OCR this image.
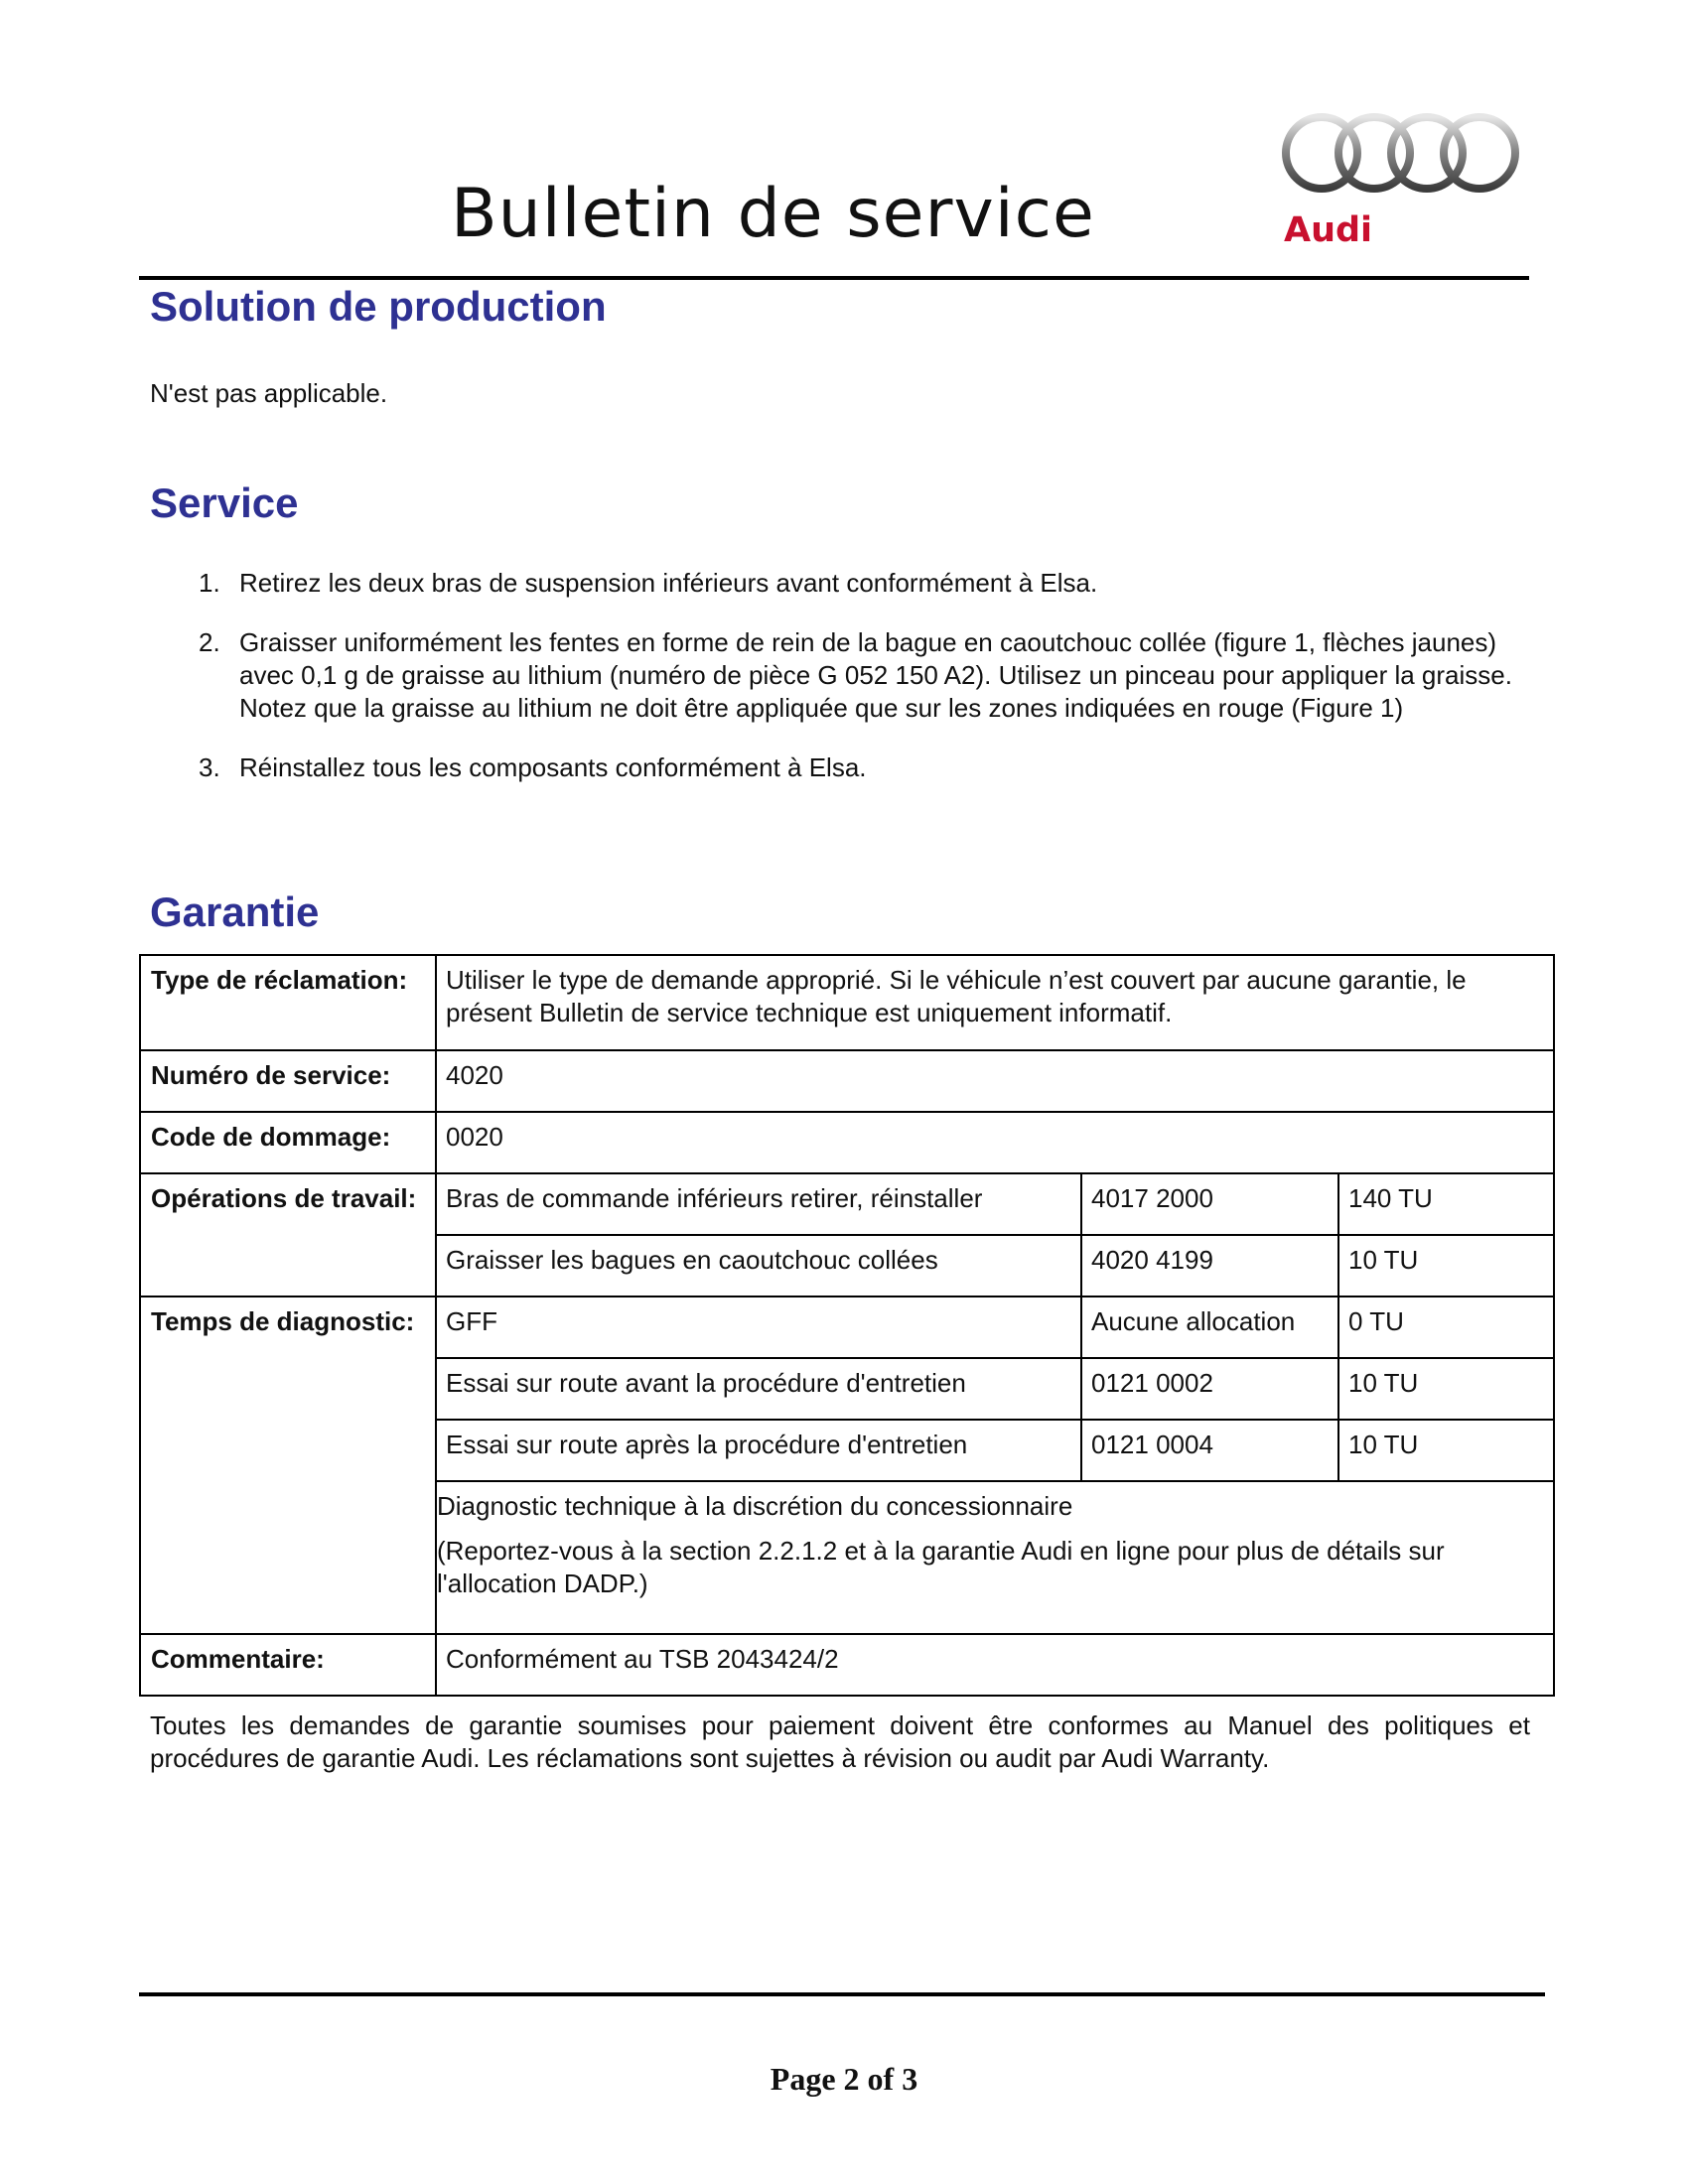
Bulletin de service	Audi
Solution de production

N'est pas applicable.

Service
1. Retirez les deux bras de suspension inférieurs avant conformément à Elsa.
2. Graisser uniformément les fentes en forme de rein de la bague en caoutchouc collée (figure 1, flèches jaunes) avec 0,1 g de graisse au lithium (numéro de pièce G 052 150 A2). Utilisez un pinceau pour appliquer la graisse. Notez que la graisse au lithium ne doit être appliquée que sur les zones indiquées en rouge (Figure 1)
3. Réinstallez tous les composants conformément à Elsa.
Garantie
Type de réclamation:	Utiliser le type de demande approprié. Si le véhicule n’est couvert par aucune garantie, le présent Bulletin de service technique est uniquement informatif.		
Numéro de service:	4020		
Code de dommage:	0020		
Opérations de travail:	Bras de commande inférieurs retirer, réinstaller	4017 2000	140 TU
	Graisser les bagues en caoutchouc collées	4020 4199	10 TU
Temps de diagnostic:	GFF	Aucune allocation	0 TU
	Essai sur route avant la procédure d'entretien	0121 0002	10 TU
	Essai sur route après la procédure d'entretien	0121 0004	10 TU

	Diagnostic technique à la discrétion du concessionnaire

(Reportez-vous à la section 2.2.1.2 et à la garantie Audi en ligne pour plus de détails sur l'allocation DADP.)		

Commentaire:	Conformément au TSB 2043424/2		

Toutes les demandes de garantie soumises pour paiement doivent être conformes au Manuel des politiques et procédures de garantie Audi. Les réclamations sont sujettes à révision ou audit par Audi Warranty.

Page 2 of 3
